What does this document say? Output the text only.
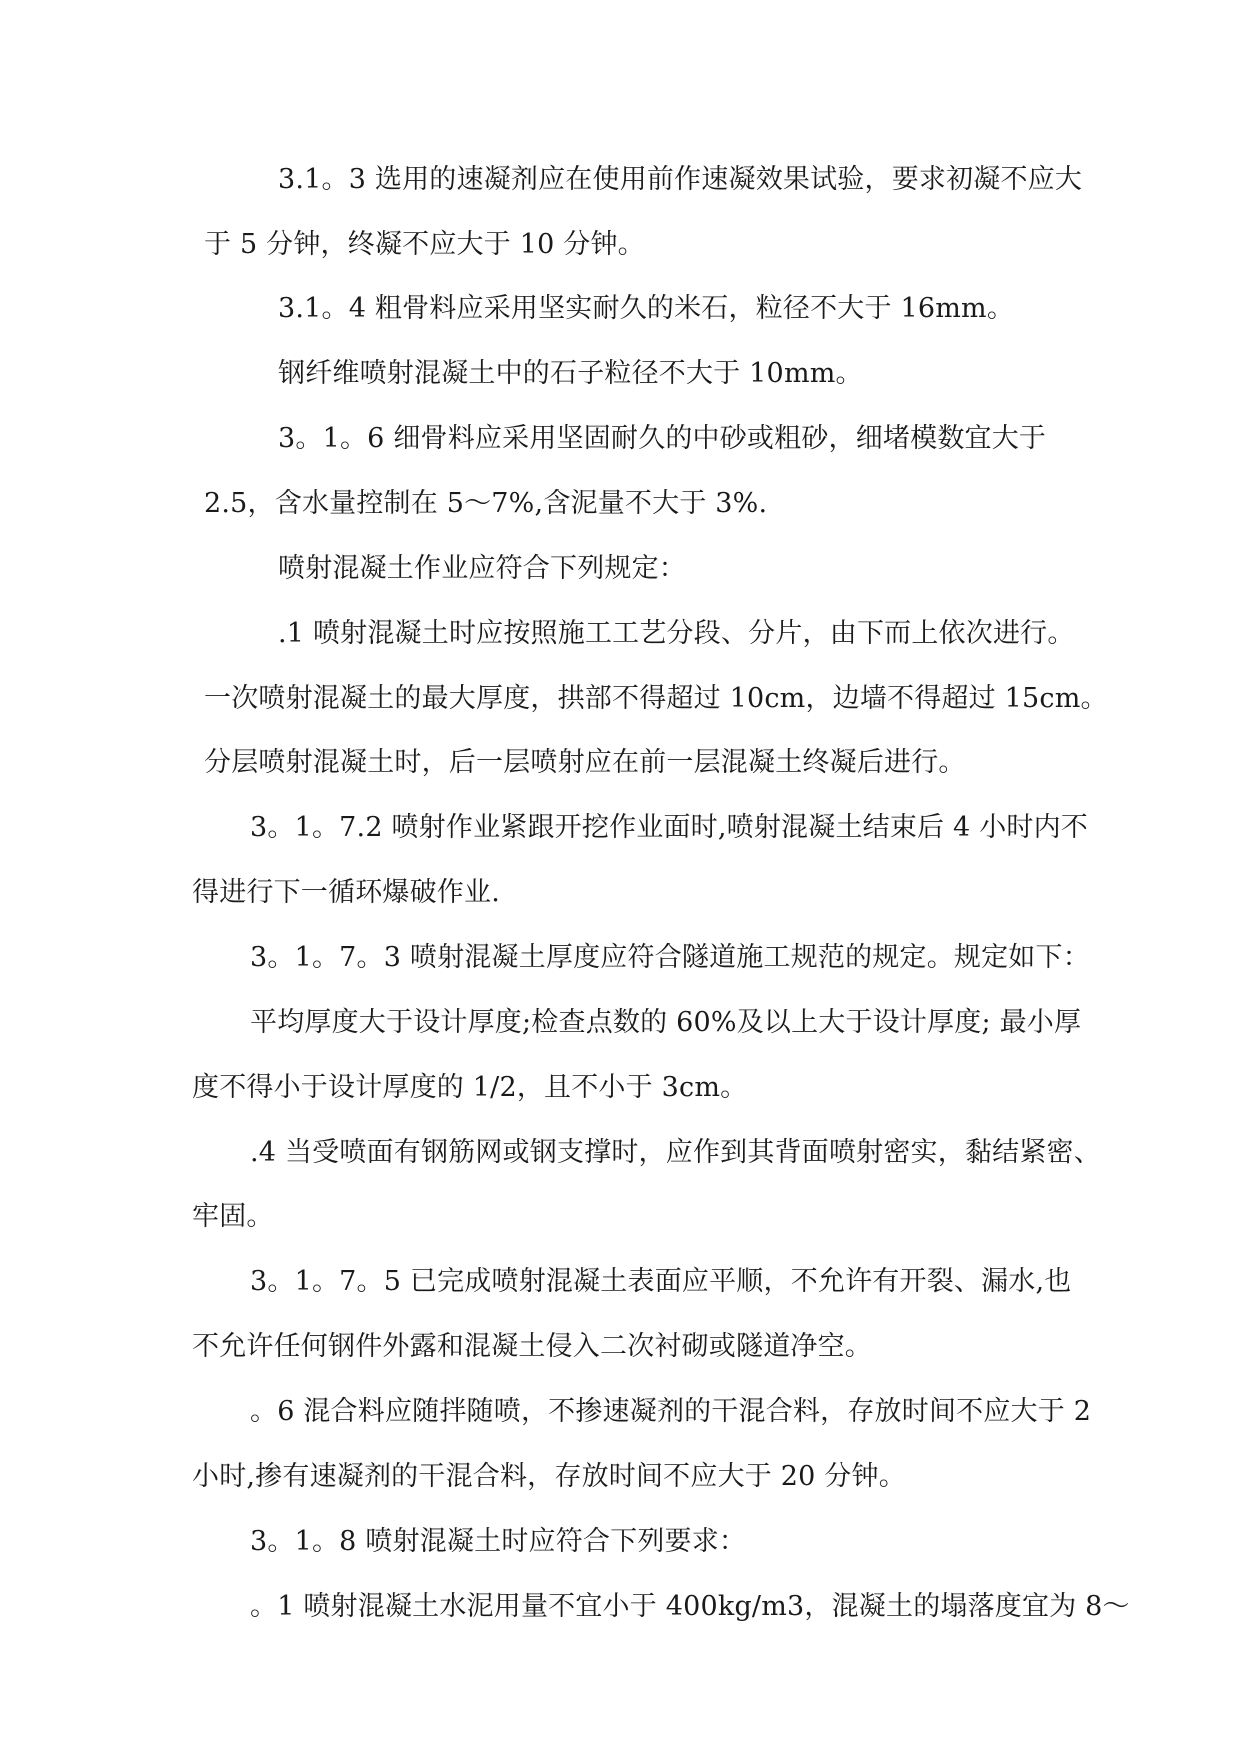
3.1。3 选用的速凝剂应在使用前作速凝效果试验，要求初凝不应大
于 5 分钟，终凝不应大于 10 分钟。
3.1。4 粗骨料应采用坚实耐久的米石，粒径不大于 16mm。
钢纤维喷射混凝土中的石子粒径不大于 10mm。
3。1。6 细骨料应采用坚固耐久的中砂或粗砂，细堵模数宜大于
2.5，含水量控制在 5～7%,含泥量不大于 3%.
喷射混凝土作业应符合下列规定：
.1 喷射混凝土时应按照施工工艺分段、分片，由下而上依次进行。
一次喷射混凝土的最大厚度，拱部不得超过 10cm，边墙不得超过 15cm。
分层喷射混凝土时，后一层喷射应在前一层混凝土终凝后进行。
3。1。7.2 喷射作业紧跟开挖作业面时,喷射混凝土结束后 4 小时内不
得进行下一循环爆破作业.
3。1。7。3 喷射混凝土厚度应符合隧道施工规范的规定。规定如下：
平均厚度大于设计厚度;检查点数的 60%及以上大于设计厚度; 最小厚
度不得小于设计厚度的 1/2，且不小于 3cm。
.4 当受喷面有钢筋网或钢支撑时，应作到其背面喷射密实，黏结紧密、
牢固。
3。1。7。5 已完成喷射混凝土表面应平顺，不允许有开裂、漏水,也
不允许任何钢件外露和混凝土侵入二次衬砌或隧道净空。
。6 混合料应随拌随喷，不掺速凝剂的干混合料，存放时间不应大于 2
小时,掺有速凝剂的干混合料，存放时间不应大于 20 分钟。
3。1。8 喷射混凝土时应符合下列要求：
。1 喷射混凝土水泥用量不宜小于 400kg/m3，混凝土的塌落度宜为 8～
